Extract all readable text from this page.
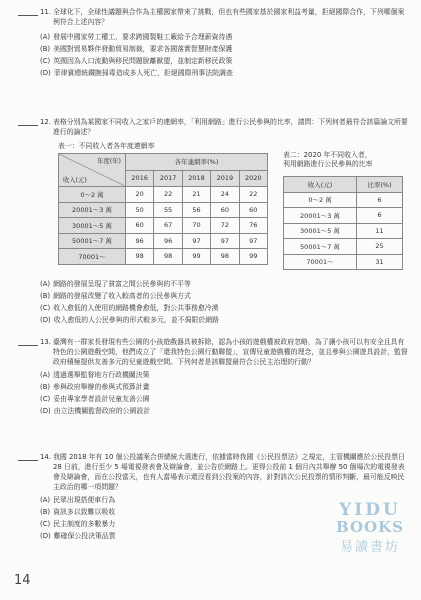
11. 全球化下，全球性議題與合作為主權國家帶來了挑戰，但也有些國家基於國家利益考量，拒絕國際合作，下列哪個案例符合上述內容？
(A) 發展中國家勞工權工，要求跨國製鞋工廠給予合理薪資待遇
(B) 美國對貿易夥伴發動貿易制裁，要求各國落實智慧財產保護
(C) 英國因為人口流動與移民問題脫離歐盟，並制定新移民政策
(D) 菲律賓總統鐵腕掃毒造成多人死亡，拒絕國際刑事法院調查
12. 表格分別為某國家不同收入之家戶的連網率，「利用網路」進行公民參與的比率，請問：下列何者最符合該篇論文所要進行的論述？
表一：不同收入者各年度連網率
年度(年)
收入(元)	各年連網率(%)				
	2016	2017	2018	2019	2020
0～2 萬	20	22	21	24	22
20001～3 萬	50	55	56	60	60
30001～5 萬	60	67	70	72	76
50001～7 萬	96	96	97	97	97
70001～	98	98	99	98	99
表二：2020 年不同收入者，
利用網路進行公民參與的比率
收入(元)	比率(%)
0～2 萬	6
20001～3 萬	6
30001～5 萬	11
50001～7 萬	25
70001～	31
(A) 網路的發展呈現了貧富之間公民參與的不平等
(B) 網路的發展改變了收入較高者的公民參與方式
(C) 收入愈低的人使用的網路機會愈低，對公共事務愈冷漠
(D) 收入愈低的人公民參與的形式較多元，並不侷限於網路
13. 臺灣有一群家長發現有些公園的小孩遊戲器具被拆除，認為小孩的遊戲權被政府忽略，為了讓小孩可以有安全且具有特色的公園遊戲空間，他們成立了「還我特色公園行動聯盟」，宣傳兒童遊戲權的理念，並且參與公園遊具設計，監督政府積極提供友善多元的兒童遊戲空間。下列何者是該聯盟最符合公民主治理的行動？
(A) 透過選舉監督地方行政機關決策
(B) 參與政府舉辦的參與式預算計畫
(C) 妥由專家學者設計兒童友善公園
(D) 由立法機關監督政府的公園設計
14. 我國 2018 年有 10 個公投議案合併總統大選進行，依據當時我國《公民投票法》之規定，主管機關應於公民投票日 28 日前，進行至少 5 場電視發表會及辯論會，並公告於網路上。更得公投前 1 個月內共舉辦 50 個場次的電視發表會及辯論會，而在公投當天，也有人當場表示還沒看到公投案的內容，針對該次公民投票的情形判斷，最可能反映民主政治的哪一項問題？
(A) 民眾出現搭便車行為
(B) 資訊多以致難以吸收
(C) 民主制度的多數暴力
(D) 難確保公投決策品質
YIDU
BOOKS
易讀書坊
14
